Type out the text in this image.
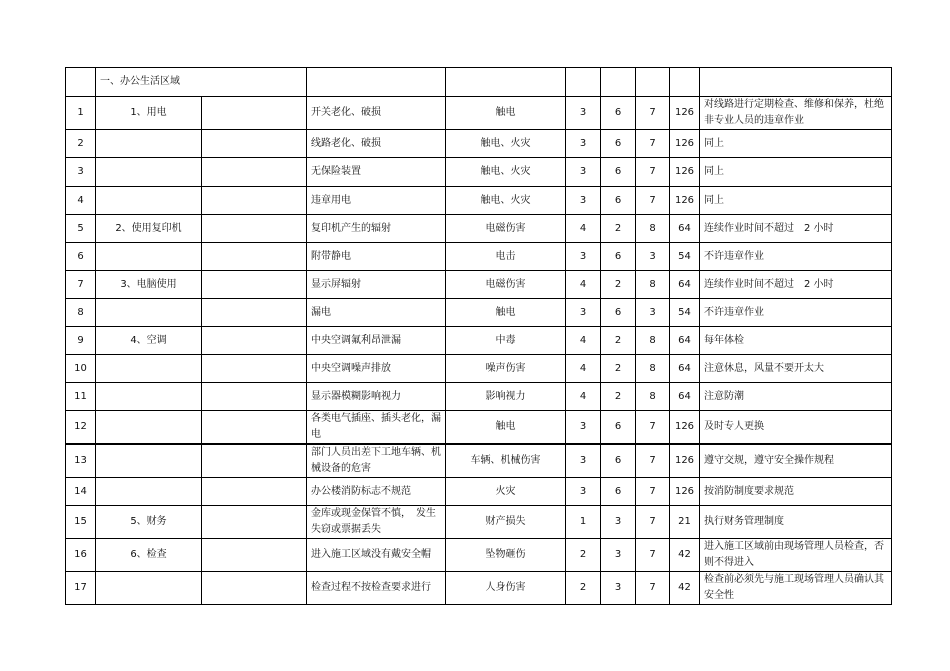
	一、办公生活区域								
1	1、用电		开关老化、破损	触电	3	6	7	126	对线路进行定期检查、维修和保养，杜绝非专业人员的违章作业
2			线路老化、破损	触电、火灾	3	6	7	126	同上
3			无保险装置	触电、火灾	3	6	7	126	同上
4			违章用电	触电、火灾	3	6	7	126	同上
5	2、使用复印机		复印机产生的辐射	电磁伤害	4	2	8	64	连续作业时间不超过　2 小时
6			附带静电	电击	3	6	3	54	不许违章作业
7	3、电脑使用		显示屏辐射	电磁伤害	4	2	8	64	连续作业时间不超过　2 小时
8			漏电	触电	3	6	3	54	不许违章作业
9	4、空调		中央空调氟利昂泄漏	中毒	4	2	8	64	每年体检
10			中央空调噪声排放	噪声伤害	4	2	8	64	注意休息，风量不要开太大
11			显示器模糊影响视力	影响视力	4	2	8	64	注意防潮
12			各类电气插座、插头老化，漏电	触电	3	6	7	126	及时专人更换
13			部门人员出差下工地车辆、机械设备的危害	车辆、机械伤害	3	6	7	126	遵守交规，遵守安全操作规程
14			办公楼消防标志不规范	火灾	3	6	7	126	按消防制度要求规范
15	5、财务		金库或现金保管不慎，　发生失窃或票据丢失	财产损失	1	3	7	21	执行财务管理制度
16	6、检查		进入施工区域没有戴安全帽	坠物砸伤	2	3	7	42	进入施工区域前由现场管理人员检查，否则不得进入
17			检查过程不按检查要求进行	人身伤害	2	3	7	42	检查前必须先与施工现场管理人员确认其安全性
